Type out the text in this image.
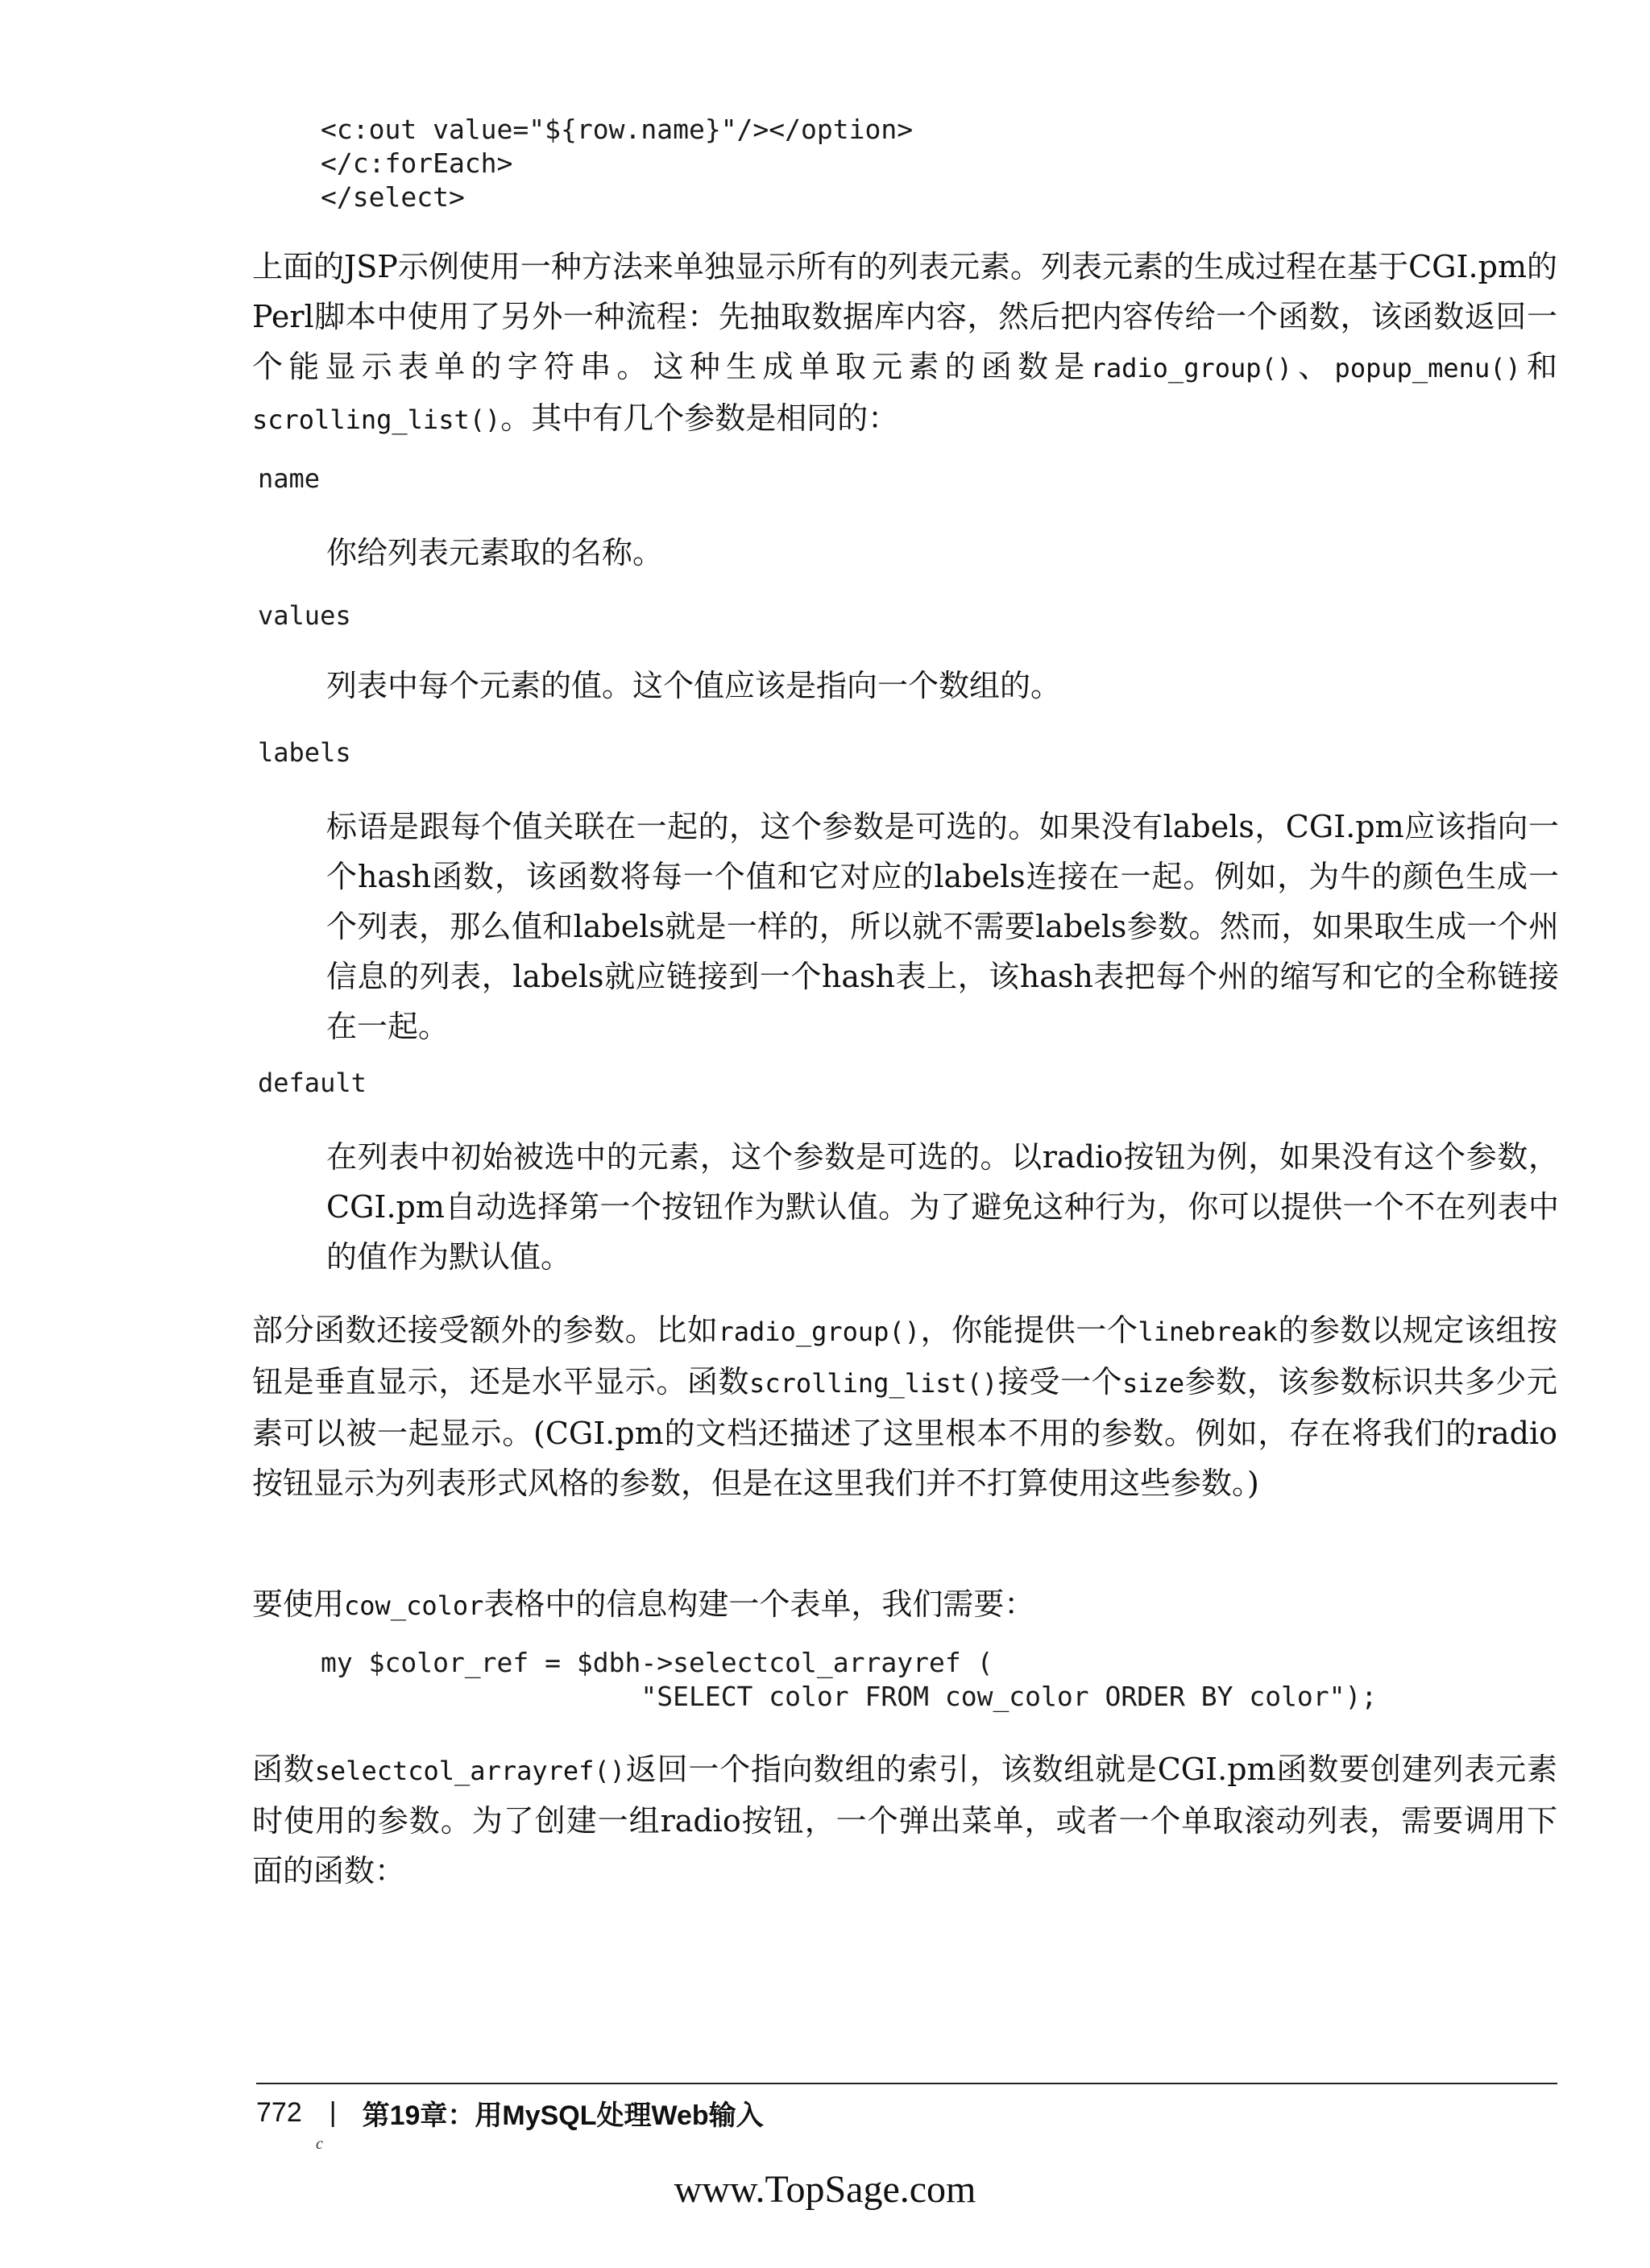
<c:out value="${row.name}"/></option>
</c:forEach>
</select>

上面的JSP示例使用一种方法来单独显示所有的列表元素。列表元素的生成过程在基于CGI.pm的Perl脚本中使用了另外一种流程：先抽取数据库内容，然后把内容传给一个函数，该函数返回一个能显示表单的字符串。这种生成单取元素的函数是radio_group()、popup_menu()和scrolling_list()。其中有几个参数是相同的：

name

你给列表元素取的名称。

values

列表中每个元素的值。这个值应该是指向一个数组的。

labels

标语是跟每个值关联在一起的，这个参数是可选的。如果没有labels，CGI.pm应该指向一个hash函数，该函数将每一个值和它对应的labels连接在一起。例如，为牛的颜色生成一个列表，那么值和labels就是一样的，所以就不需要labels参数。然而，如果取生成一个州信息的列表，labels就应链接到一个hash表上，该hash表把每个州的缩写和它的全称链接在一起。

default

在列表中初始被选中的元素，这个参数是可选的。以radio按钮为例，如果没有这个参数，CGI.pm自动选择第一个按钮作为默认值。为了避免这种行为，你可以提供一个不在列表中的值作为默认值。

部分函数还接受额外的参数。比如radio_group()，你能提供一个linebreak的参数以规定该组按钮是垂直显示，还是水平显示。函数scrolling_list()接受一个size参数，该参数标识共多少元素可以被一起显示。(CGI.pm的文档还描述了这里根本不用的参数。例如，存在将我们的radio按钮显示为列表形式风格的参数，但是在这里我们并不打算使用这些参数。)

要使用cow_color表格中的信息构建一个表单，我们需要：

my $color_ref = $dbh->selectcol_arrayref (
"SELECT color FROM cow_color ORDER BY color");

函数selectcol_arrayref()返回一个指向数组的索引，该数组就是CGI.pm函数要创建列表元素时使用的参数。为了创建一组radio按钮，一个弹出菜单，或者一个单取滚动列表，需要调用下面的函数：

772 | 第19章：用MySQL处理Web输入
c
www.TopSage.com
